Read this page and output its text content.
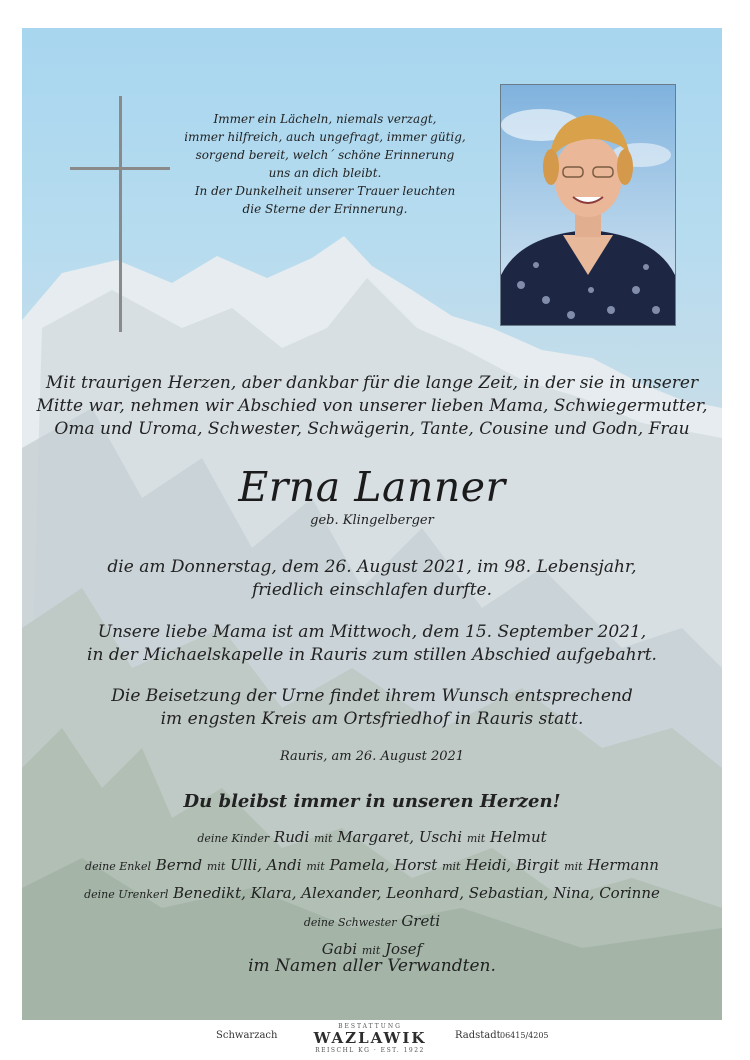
Immer ein Lächeln, niemals verzagt,
immer hilfreich, auch ungefragt, immer gütig,
sorgend bereit, welch´ schöne Erinnerung
uns an dich bleibt.
In der Dunkelheit unserer Trauer leuchten
die Sterne der Erinnerung.
Mit traurigen Herzen, aber dankbar für die lange Zeit, in der sie in unserer
Mitte war, nehmen wir Abschied von unserer lieben Mama, Schwiegermutter,
Oma und Uroma, Schwester, Schwägerin, Tante, Cousine und Godn, Frau
Erna Lanner
geb. Klingelberger
die am Donnerstag, dem 26. August 2021, im 98. Lebensjahr,
friedlich einschlafen durfte.
Unsere liebe Mama ist am Mittwoch, dem 15. September 2021,
in der Michaelskapelle in Rauris zum stillen Abschied aufgebahrt.
Die Beisetzung der Urne findet ihrem Wunsch entsprechend
im engsten Kreis am Ortsfriedhof in Rauris statt.
Rauris, am 26. August 2021
Du bleibst immer in unseren Herzen!
deine Kinder Rudi mit Margaret, Uschi mit Helmut
deine Enkel Bernd mit Ulli, Andi mit Pamela, Horst mit Heidi, Birgit mit Hermann
deine Urenkerl Benedikt, Klara, Alexander, Leonhard, Sebastian, Nina, Corinne
deine Schwester Greti
Gabi mit Josef
im Namen aller Verwandten.
Schwarzach
BESTATTUNG
WAZLAWIK
REISCHL KG · EST. 1922
Radstadt 06415/4205
